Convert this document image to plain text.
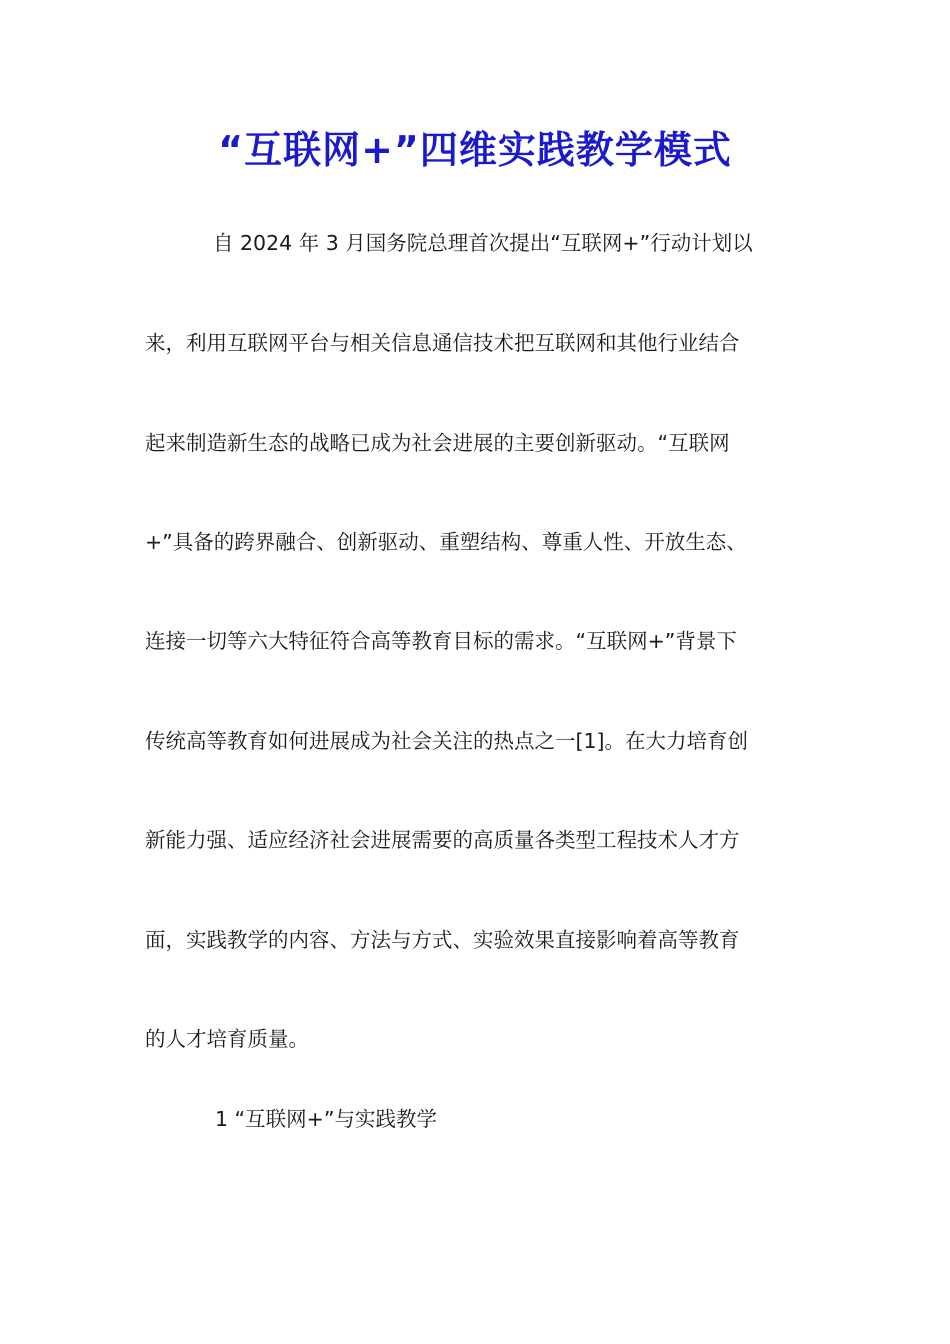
“互联网+”四维实践教学模式

自 2024 年 3 月国务院总理首次提出“互联网+”行动计划以

来，利用互联网平台与相关信息通信技术把互联网和其他行业结合

起来制造新生态的战略已成为社会进展的主要创新驱动。“互联网

+”具备的跨界融合、创新驱动、重塑结构、尊重人性、开放生态、

连接一切等六大特征符合高等教育目标的需求。“互联网+”背景下

传统高等教育如何进展成为社会关注的热点之一[1]。在大力培育创

新能力强、适应经济社会进展需要的高质量各类型工程技术人才方

面，实践教学的内容、方法与方式、实验效果直接影响着高等教育

的人才培育质量。

1 “互联网+”与实践教学
